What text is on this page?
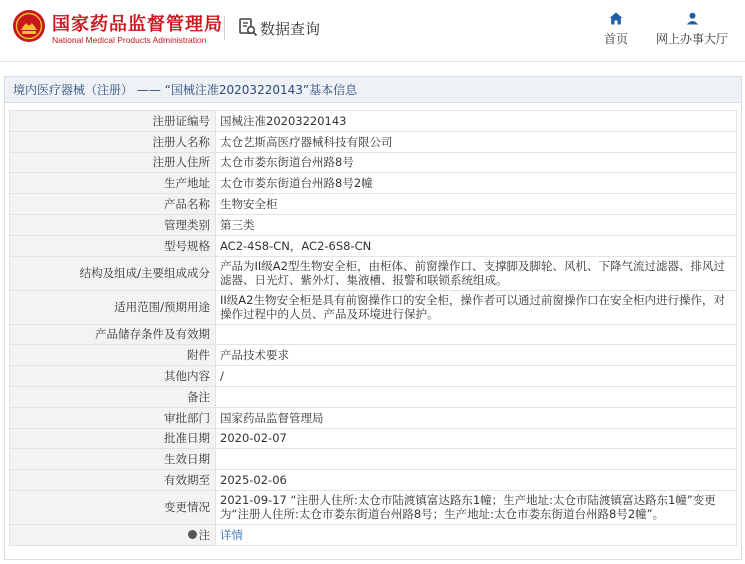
国家药品监督管理局
National Medical Products Administration
数据查询
首页 网上办事大厅
境内医疗器械（注册） —— “国械注准20203220143”基本信息
注册证编号	国械注准20203220143
注册人名称	太仓艺斯高医疗器械科技有限公司
注册人住所	太仓市娄东街道台州路8号
生产地址	太仓市娄东街道台州路8号2幢
产品名称	生物安全柜
管理类别	第三类
型号规格	AC2-4S8-CN，AC2-6S8-CN
结构及组成/主要组成成分	产品为II级A2型生物安全柜，由柜体、前窗操作口、支撑脚及脚轮、风机、下降气流过滤器、排风过滤器、日光灯、紫外灯、集液槽、报警和联锁系统组成。
适用范围/预期用途	II级A2生物安全柜是具有前窗操作口的安全柜，操作者可以通过前窗操作口在安全柜内进行操作，对操作过程中的人员、产品及环境进行保护。
产品储存条件及有效期	
附件	产品技术要求
其他内容	/
备注	
审批部门	国家药品监督管理局
批准日期	2020-02-07
生效日期	
有效期至	2025-02-06
变更情况	2021-09-17 “注册人住所:太仓市陆渡镇富达路东1幢；生产地址:太仓市陆渡镇富达路东1幢”变更为“注册人住所:太仓市娄东街道台州路8号；生产地址:太仓市娄东街道台州路8号2幢”。
注	详情
